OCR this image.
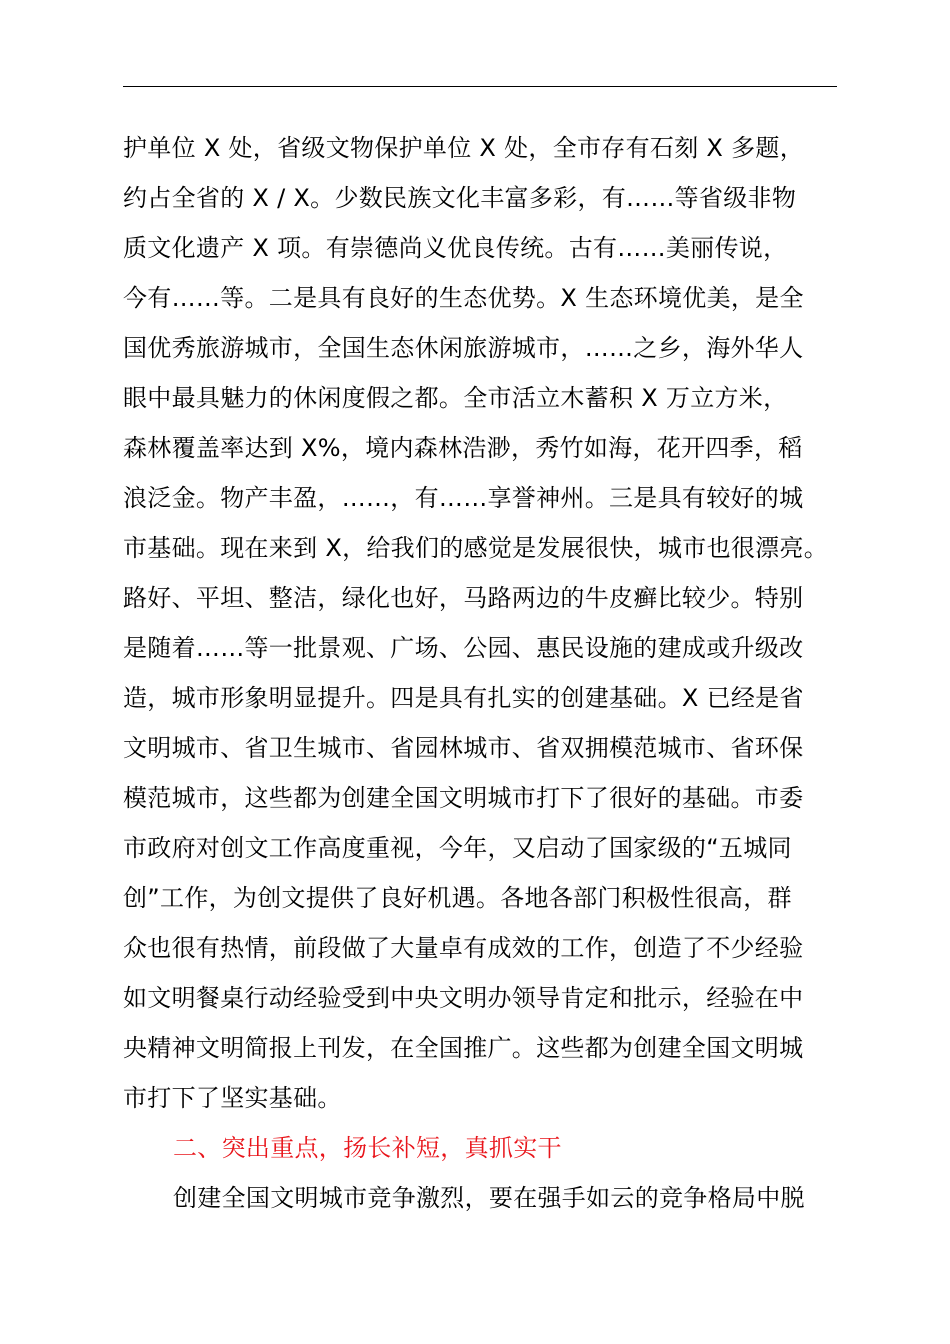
护单位 X 处，省级文物保护单位 X 处，全市存有石刻 X 多题，
约占全省的 X / X。少数民族文化丰富多彩，有……等省级非物
质文化遗产 X 项。有崇德尚义优良传统。古有……美丽传说，
今有……等。二是具有良好的生态优势。X 生态环境优美，是全
国优秀旅游城市，全国生态休闲旅游城市，……之乡，海外华人
眼中最具魅力的休闲度假之都。全市活立木蓄积 X 万立方米，
森林覆盖率达到 X%，境内森林浩渺，秀竹如海，花开四季，稻
浪泛金。物产丰盈，……，有……享誉神州。三是具有较好的城
市基础。现在来到 X，给我们的感觉是发展很快，城市也很漂亮。
路好、平坦、整洁，绿化也好，马路两边的牛皮癣比较少。特别
是随着……等一批景观、广场、公园、惠民设施的建成或升级改
造，城市形象明显提升。四是具有扎实的创建基础。X 已经是省
文明城市、省卫生城市、省园林城市、省双拥模范城市、省环保
模范城市，这些都为创建全国文明城市打下了很好的基础。市委
市政府对创文工作高度重视，今年，又启动了国家级的“五城同
创”工作，为创文提供了良好机遇。各地各部门积极性很高，群
众也很有热情，前段做了大量卓有成效的工作，创造了不少经验
如文明餐桌行动经验受到中央文明办领导肯定和批示，经验在中
央精神文明简报上刊发，在全国推广。这些都为创建全国文明城
市打下了坚实基础。
二、突出重点，扬长补短，真抓实干
创建全国文明城市竞争激烈，要在强手如云的竞争格局中脱
